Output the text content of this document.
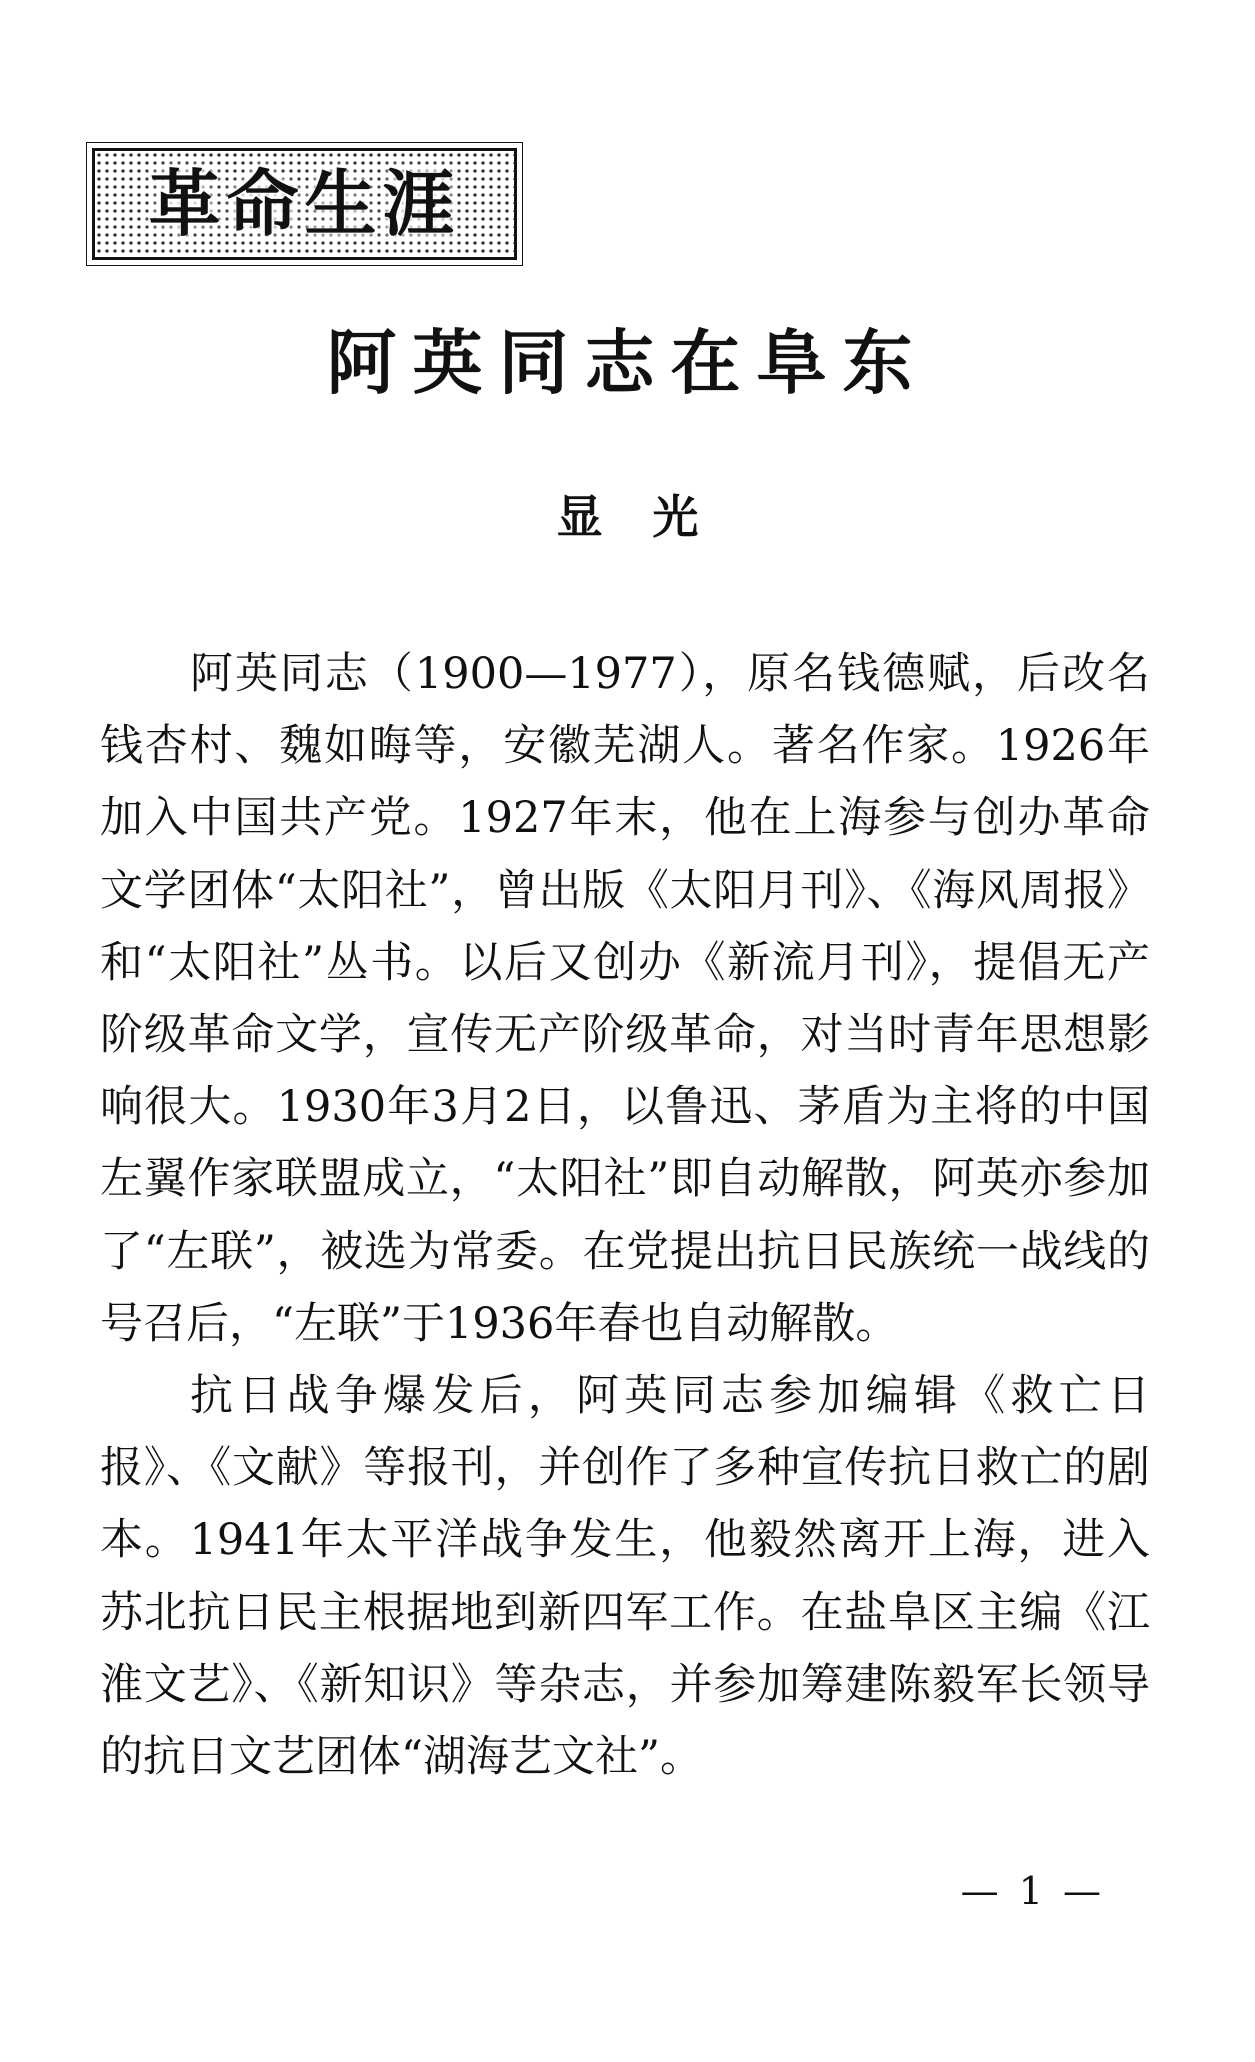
革命生涯
阿英同志在阜东
显光

阿英同志（1900—1977），原名钱德赋，后改名钱杏村、魏如晦等，安徽芜湖人。著名作家。1926年加入中国共产党。1927年末，他在上海参与创办革命文学团体“太阳社”，曾出版《太阳月刊》、《海风周报》和“太阳社”丛书。以后又创办《新流月刊》，提倡无产阶级革命文学，宣传无产阶级革命，对当时青年思想影响很大。1930年3月2日，以鲁迅、茅盾为主将的中国左翼作家联盟成立，“太阳社”即自动解散，阿英亦参加了“左联”，被选为常委。在党提出抗日民族统一战线的号召后，“左联”于1936年春也自动解散。

抗日战争爆发后，阿英同志参加编辑《救亡日报》、《文献》等报刊，并创作了多种宣传抗日救亡的剧本。1941年太平洋战争发生，他毅然离开上海，进入苏北抗日民主根据地到新四军工作。在盐阜区主编《江淮文艺》、《新知识》等杂志，并参加筹建陈毅军长领导的抗日文艺团体“湖海艺文社”。

— 1 —
